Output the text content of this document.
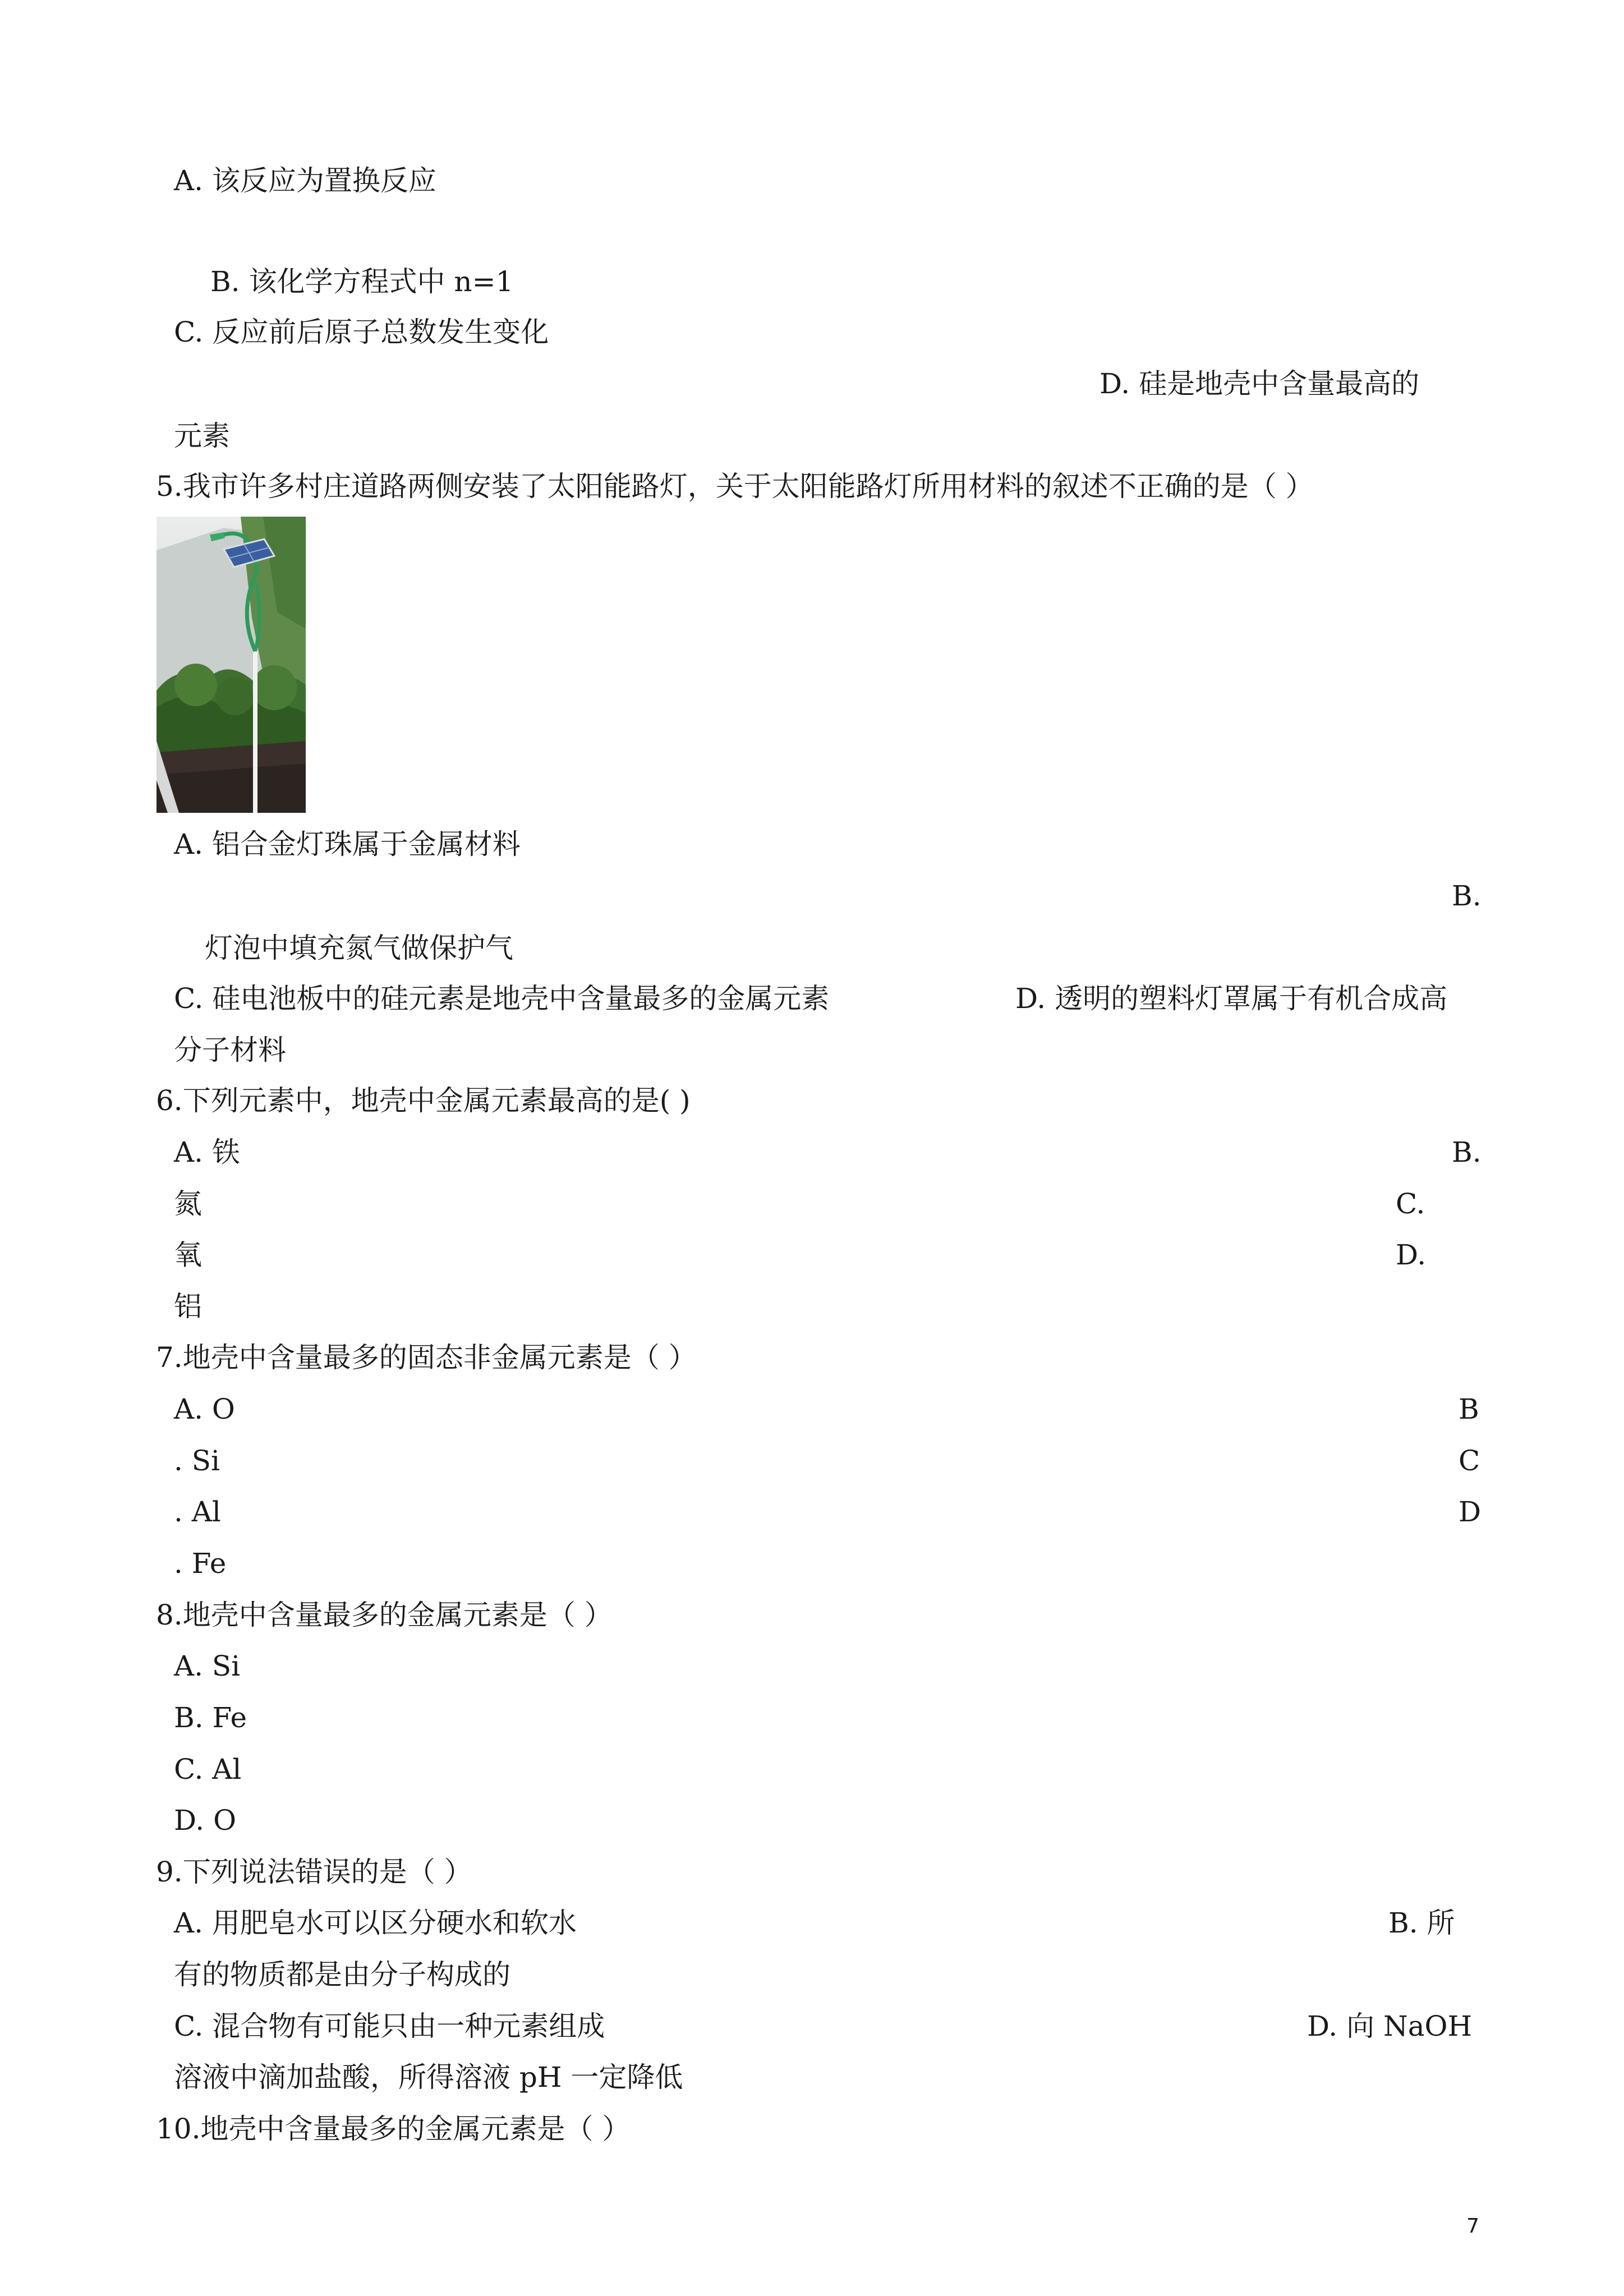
A. 该反应为置换反应
B. 该化学方程式中 n=1
C. 反应前后原子总数发生变化
D. 硅是地壳中含量最高的
元素
5.我市许多村庄道路两侧安装了太阳能路灯，关于太阳能路灯所用材料的叙述不正确的是（ ）
A. 铝合金灯珠属于金属材料
B.
灯泡中填充氮气做保护气
C. 硅电池板中的硅元素是地壳中含量最多的金属元素	D. 透明的塑料灯罩属于有机合成高
分子材料
6.下列元素中，地壳中金属元素最高的是( )
A. 铁	B.
氮	C.
氧	D.
铝
7.地壳中含量最多的固态非金属元素是（ ）
A. O	B
. Si	C
. Al	D
. Fe
8.地壳中含量最多的金属元素是（ ）
A. Si
B. Fe
C. Al
D. O
9.下列说法错误的是（ ）
A. 用肥皂水可以区分硬水和软水	B. 所
有的物质都是由分子构成的
C. 混合物有可能只由一种元素组成	D. 向 NaOH
溶液中滴加盐酸，所得溶液 pH 一定降低
10.地壳中含量最多的金属元素是（ ）
7
